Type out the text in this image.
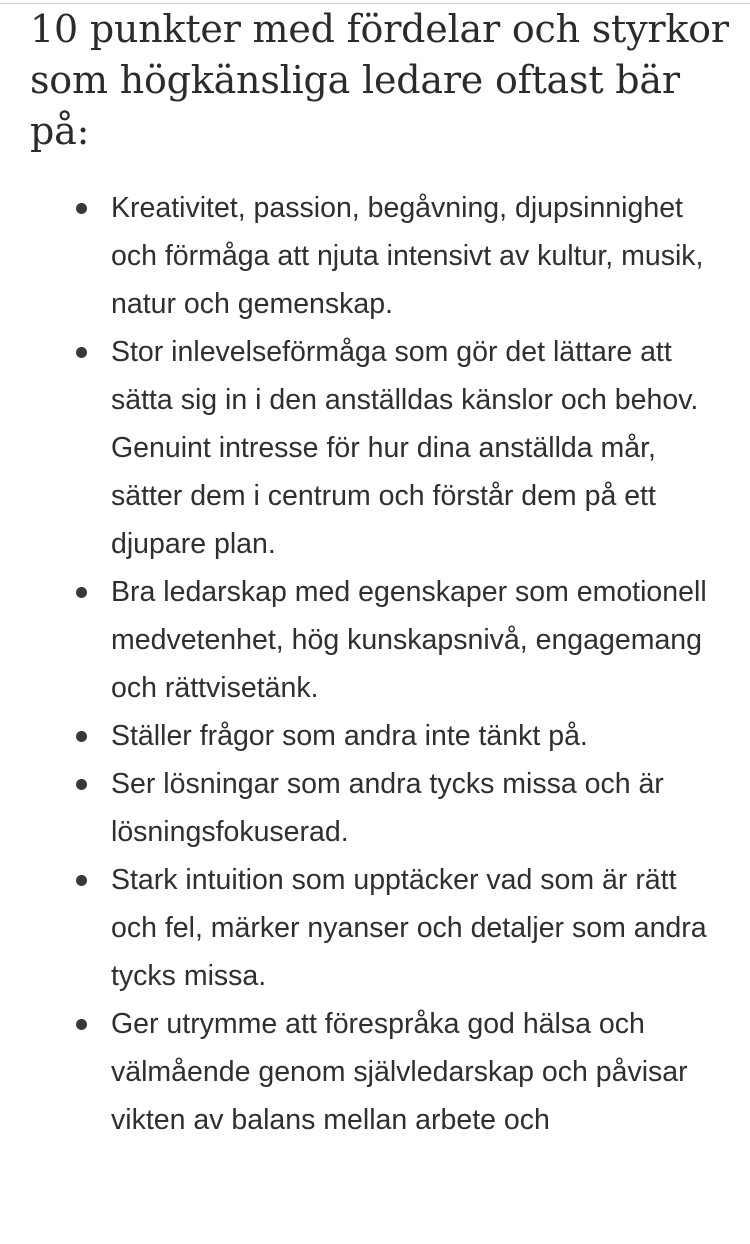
10 punkter med fördelar och styrkor som högkänsliga ledare oftast bär på:
Kreativitet, passion, begåvning, djupsinnighet och förmåga att njuta intensivt av kultur, musik, natur och gemenskap.
Stor inlevelseförmåga som gör det lättare att sätta sig in i den anställdas känslor och behov. Genuint intresse för hur dina anställda mår, sätter dem i centrum och förstår dem på ett djupare plan.
Bra ledarskap med egenskaper som emotionell medvetenhet, hög kunskapsnivå, engagemang och rättvisetänk.
Ställer frågor som andra inte tänkt på.
Ser lösningar som andra tycks missa och är lösningsfokuserad.
Stark intuition som upptäcker vad som är rätt och fel, märker nyanser och detaljer som andra tycks missa.
Ger utrymme att förespråka god hälsa och välmående genom självledarskap och påvisar vikten av balans mellan arbete och
